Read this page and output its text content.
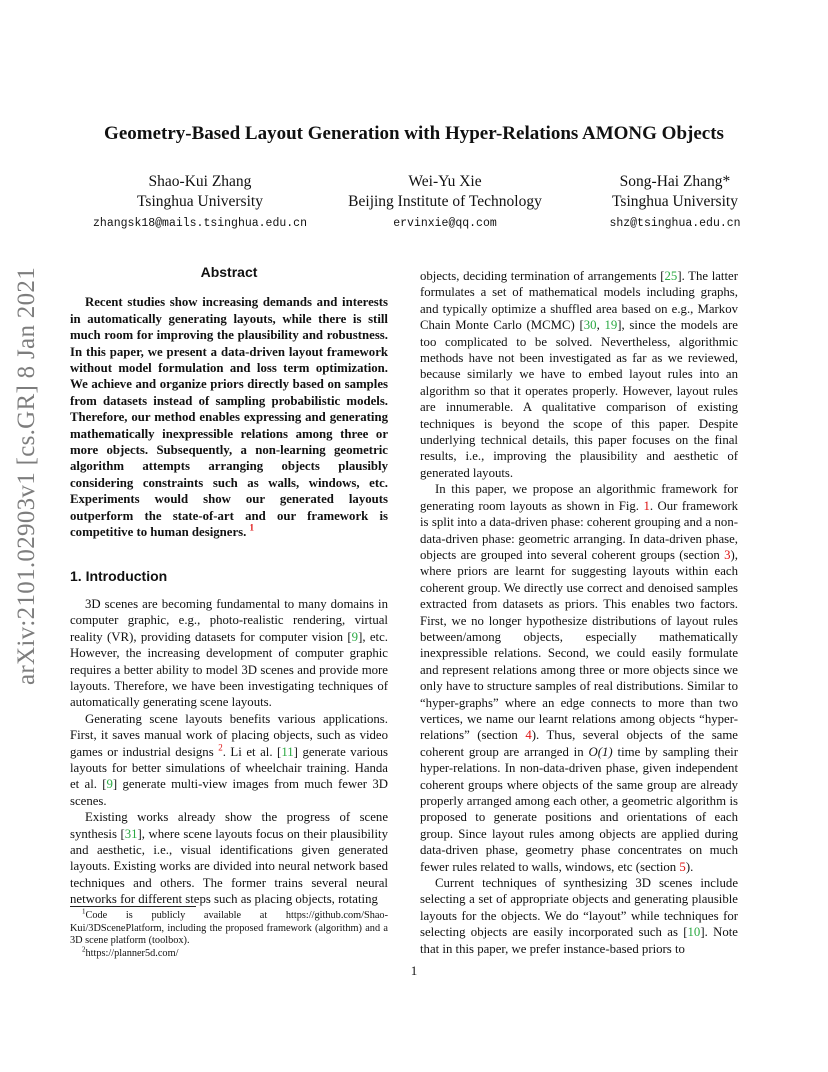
arXiv:2101.02903v1 [cs.GR] 8 Jan 2021
Geometry-Based Layout Generation with Hyper-Relations AMONG Objects
Shao-Kui Zhang
Tsinghua University
zhangsk18@mails.tsinghua.edu.cn
Wei-Yu Xie
Beijing Institute of Technology
ervinxie@qq.com
Song-Hai Zhang*
Tsinghua University
shz@tsinghua.edu.cn
Abstract

Recent studies show increasing demands and interests in automatically generating layouts, while there is still much room for improving the plausibility and robustness. In this paper, we present a data-driven layout framework without model formulation and loss term optimization. We achieve and organize priors directly based on samples from datasets instead of sampling probabilistic models. Therefore, our method enables expressing and generating mathematically inexpressible relations among three or more objects. Subsequently, a non-learning geometric algorithm attempts arranging objects plausibly considering constraints such as walls, windows, etc. Experiments would show our generated layouts outperform the state-of-art and our framework is competitive to human designers. $^1$

1. Introduction

3D scenes are becoming fundamental to many domains in computer graphic, e.g., photo-realistic rendering, virtual reality (VR), providing datasets for computer vision [9], etc. However, the increasing development of computer graphic requires a better ability to model 3D scenes and provide more layouts. Therefore, we have been investigating techniques of automatically generating scene layouts.

Generating scene layouts benefits various applications. First, it saves manual work of placing objects, such as video games or industrial designs $^2$. Li et al. [11] generate various layouts for better simulations of wheelchair training. Handa et al. [9] generate multi-view images from much fewer 3D scenes.

Existing works already show the progress of scene synthesis [31], where scene layouts focus on their plausibility and aesthetic, i.e., visual identifications given generated layouts. Existing works are divided into neural network based techniques and others. The former trains several neural networks for different steps such as placing objects, rotating

objects, deciding termination of arrangements [25]. The latter formulates a set of mathematical models including graphs, and typically optimize a shuffled area based on e.g., Markov Chain Monte Carlo (MCMC) [30, 19], since the models are too complicated to be solved. Nevertheless, algorithmic methods have not been investigated as far as we reviewed, because similarly we have to embed layout rules into an algorithm so that it operates properly. However, layout rules are innumerable. A qualitative comparison of existing techniques is beyond the scope of this paper. Despite underlying technical details, this paper focuses on the final results, i.e., improving the plausibility and aesthetic of generated layouts.

In this paper, we propose an algorithmic framework for generating room layouts as shown in Fig. 1. Our framework is split into a data-driven phase: coherent grouping and a non-data-driven phase: geometric arranging. In data-driven phase, objects are grouped into several coherent groups (section 3), where priors are learnt for suggesting layouts within each coherent group. We directly use correct and denoised samples extracted from datasets as priors. This enables two factors. First, we no longer hypothesize distributions of layout rules between/among objects, especially mathematically inexpressible relations. Second, we could easily formulate and represent relations among three or more objects since we only have to structure samples of real distributions. Similar to “hyper-graphs” where an edge connects to more than two vertices, we name our learnt relations among objects “hyper-relations” (section 4). Thus, several objects of the same coherent group are arranged in O(1) time by sampling their hyper-relations. In non-data-driven phase, given independent coherent groups where objects of the same group are already properly arranged among each other, a geometric algorithm is proposed to generate positions and orientations of each group. Since layout rules among objects are applied during data-driven phase, geometry phase concentrates on much fewer rules related to walls, windows, etc (section 5).

Current techniques of synthesizing 3D scenes include selecting a set of appropriate objects and generating plausible layouts for the objects. We do “layout” while techniques for selecting objects are easily incorporated such as [10]. Note that in this paper, we prefer instance-based priors to

$^1$Code is publicly available at https://github.com/Shao-Kui/3DScenePlatform, including the proposed framework (algorithm) and a 3D scene platform (toolbox).

$^2$https://planner5d.com/

1
